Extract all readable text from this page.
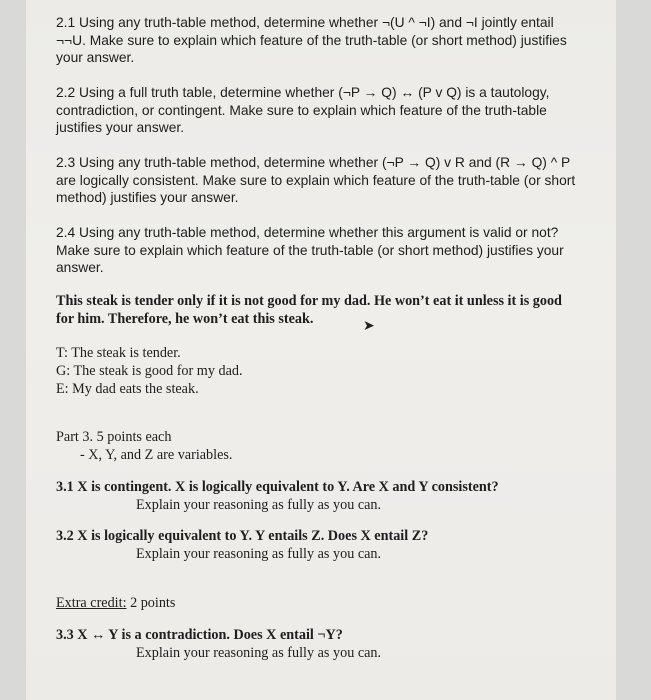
2.1 Using any truth-table method, determine whether ¬(U ^ ¬I) and ¬I jointly entail
¬¬U. Make sure to explain which feature of the truth-table (or short method) justifies
your answer.
2.2 Using a full truth table, determine whether (¬P → Q) ↔ (P v Q) is a tautology,
contradiction, or contingent. Make sure to explain which feature of the truth-table
justifies your answer.
2.3 Using any truth-table method, determine whether (¬P → Q) v R and (R → Q) ^ P
are logically consistent. Make sure to explain which feature of the truth-table (or short
method) justifies your answer.
2.4 Using any truth-table method, determine whether this argument is valid or not?
Make sure to explain which feature of the truth-table (or short method) justifies your
answer.
This steak is tender only if it is not good for my dad. He won’t eat it unless it is good
for him. Therefore, he won’t eat this steak.	➤
T: The steak is tender.
G: The steak is good for my dad.
E: My dad eats the steak.
Part 3. 5 points each
- X, Y, and Z are variables.
3.1 X is contingent. X is logically equivalent to Y. Are X and Y consistent?
Explain your reasoning as fully as you can.
3.2 X is logically equivalent to Y. Y entails Z. Does X entail Z?
Explain your reasoning as fully as you can.
Extra credit: 2 points
3.3 X ↔ Y is a contradiction. Does X entail ¬Y?
Explain your reasoning as fully as you can.
